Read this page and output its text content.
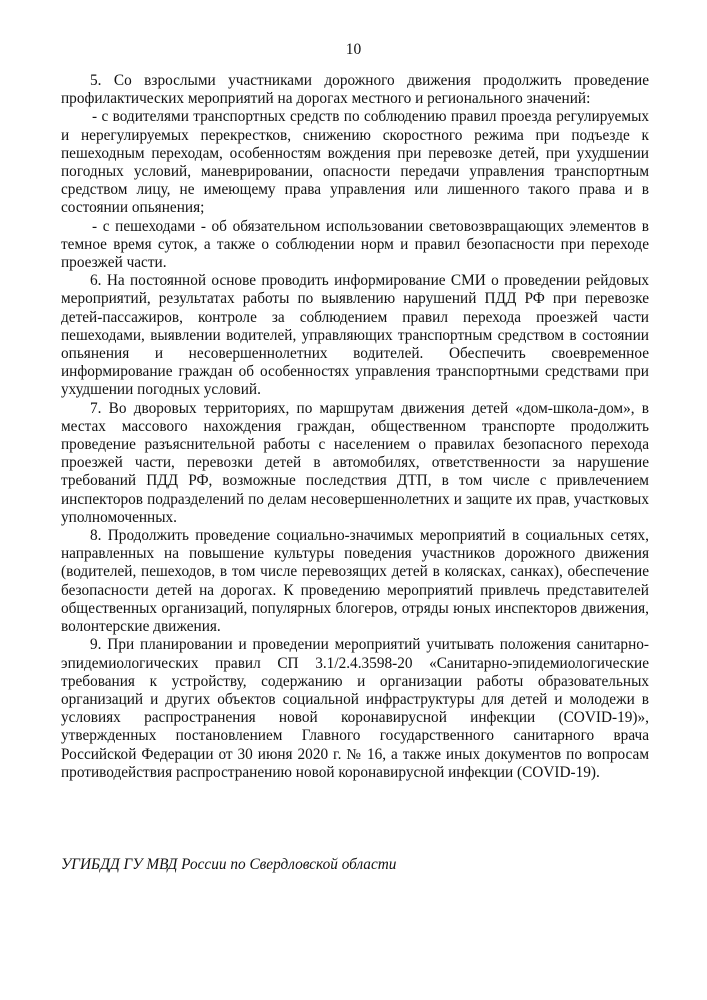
10

5. Со взрослыми участниками дорожного движения продолжить проведение профилактических мероприятий на дорогах местного и регионального значений:

- с водителями транспортных средств по соблюдению правил проезда регулируемых и нерегулируемых перекрестков, снижению скоростного режима при подъезде к пешеходным переходам, особенностям вождения при перевозке детей, при ухудшении погодных условий, маневрировании, опасности передачи управления транспортным средством лицу, не имеющему права управления или лишенного такого права и в состоянии опьянения;

- с пешеходами - об обязательном использовании световозвращающих элементов в темное время суток, а также о соблюдении норм и правил безопасности при переходе проезжей части.

6. На постоянной основе проводить информирование СМИ о проведении рейдовых мероприятий, результатах работы по выявлению нарушений ПДД РФ при перевозке детей-пассажиров, контроле за соблюдением правил перехода проезжей части пешеходами, выявлении водителей, управляющих транспортным средством в состоянии опьянения и несовершеннолетних водителей. Обеспечить своевременное информирование граждан об особенностях управления транспортными средствами при ухудшении погодных условий.

7. Во дворовых территориях, по маршрутам движения детей «дом-школа-дом», в местах массового нахождения граждан, общественном транспорте продолжить проведение разъяснительной работы с населением о правилах безопасного перехода проезжей части, перевозки детей в автомобилях, ответственности за нарушение требований ПДД РФ, возможные последствия ДТП, в том числе с привлечением инспекторов подразделений по делам несовершеннолетних и защите их прав, участковых уполномоченных.

8. Продолжить проведение социально-значимых мероприятий в социальных сетях, направленных на повышение культуры поведения участников дорожного движения (водителей, пешеходов, в том числе перевозящих детей в колясках, санках), обеспечение безопасности детей на дорогах. К проведению мероприятий привлечь представителей общественных организаций, популярных блогеров, отряды юных инспекторов движения, волонтерские движения.

9. При планировании и проведении мероприятий учитывать положения санитарно-эпидемиологических правил СП 3.1/2.4.3598-20 «Санитарно-эпидемиологические требования к устройству, содержанию и организации работы образовательных организаций и других объектов социальной инфраструктуры для детей и молодежи в условиях распространения новой коронавирусной инфекции (COVID-19)», утвержденных постановлением Главного государственного санитарного врача Российской Федерации от 30 июня 2020 г. № 16, а также иных документов по вопросам противодействия распространению новой коронавирусной инфекции (COVID-19).

УГИБДД ГУ МВД России по Свердловской области
